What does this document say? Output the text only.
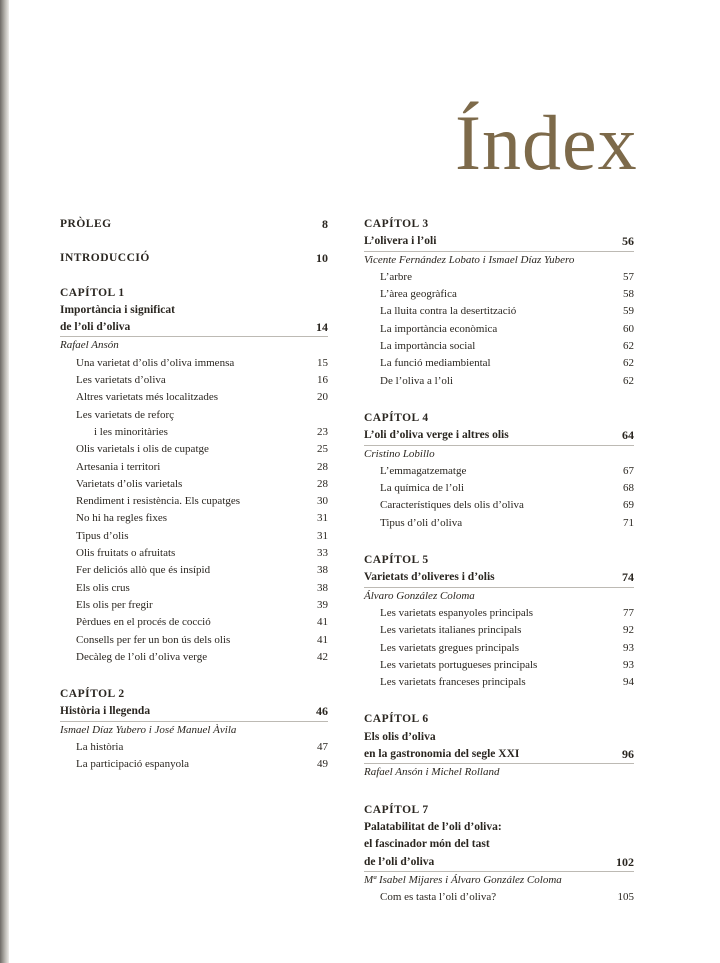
Índex
PRÒLEG	8
INTRODUCCIÓ	10
CAPÍTOL 1
Importància i significat
de l’oli d’oliva	14
Rafael Ansón
Una varietat d’olis d’oliva immensa	15
Les varietats d’oliva	16
Altres varietats més localitzades	20
Les varietats de reforç
i les minoritàries	23
Olis varietals i olis de cupatge	25
Artesania i territori	28
Varietats d’olis varietals	28
Rendiment i resistència. Els cupatges	30
No hi ha regles fixes	31
Tipus d’olis	31
Olis fruitats o afruitats	33
Fer deliciós allò que és insípid	38
Els olis crus	38
Els olis per fregir	39
Pèrdues en el procés de cocció	41
Consells per fer un bon ús dels olis	41
Decàleg de l’oli d’oliva verge	42
CAPÍTOL 2
Història i llegenda	46
Ismael Díaz Yubero i José Manuel Àvila
La història	47
La participació espanyola	49
CAPÍTOL 3
L’olivera i l’oli	56
Vicente Fernández Lobato i Ismael Díaz Yubero
L’arbre	57
L’àrea geogràfica	58
La lluita contra la desertització	59
La importància econòmica	60
La importància social	62
La funció mediambiental	62
De l’oliva a l’oli	62
CAPÍTOL 4
L’oli d’oliva verge i altres olis	64
Cristino Lobillo
L’emmagatzematge	67
La química de l’oli	68
Característiques dels olis d’oliva	69
Tipus d’oli d’oliva	71
CAPÍTOL 5
Varietats d’oliveres i d’olis	74
Álvaro González Coloma
Les varietats espanyoles principals	77
Les varietats italianes principals	92
Les varietats gregues principals	93
Les varietats portugueses principals	93
Les varietats franceses principals	94
CAPÍTOL 6
Els olis d’oliva
en la gastronomia del segle XXI	96
Rafael Ansón i Michel Rolland
CAPÍTOL 7
Palatabilitat de l’oli d’oliva:
el fascinador món del tast
de l’oli d’oliva	102
Mª Isabel Mijares i Álvaro González Coloma
Com es tasta l’oli d’oliva?	105
